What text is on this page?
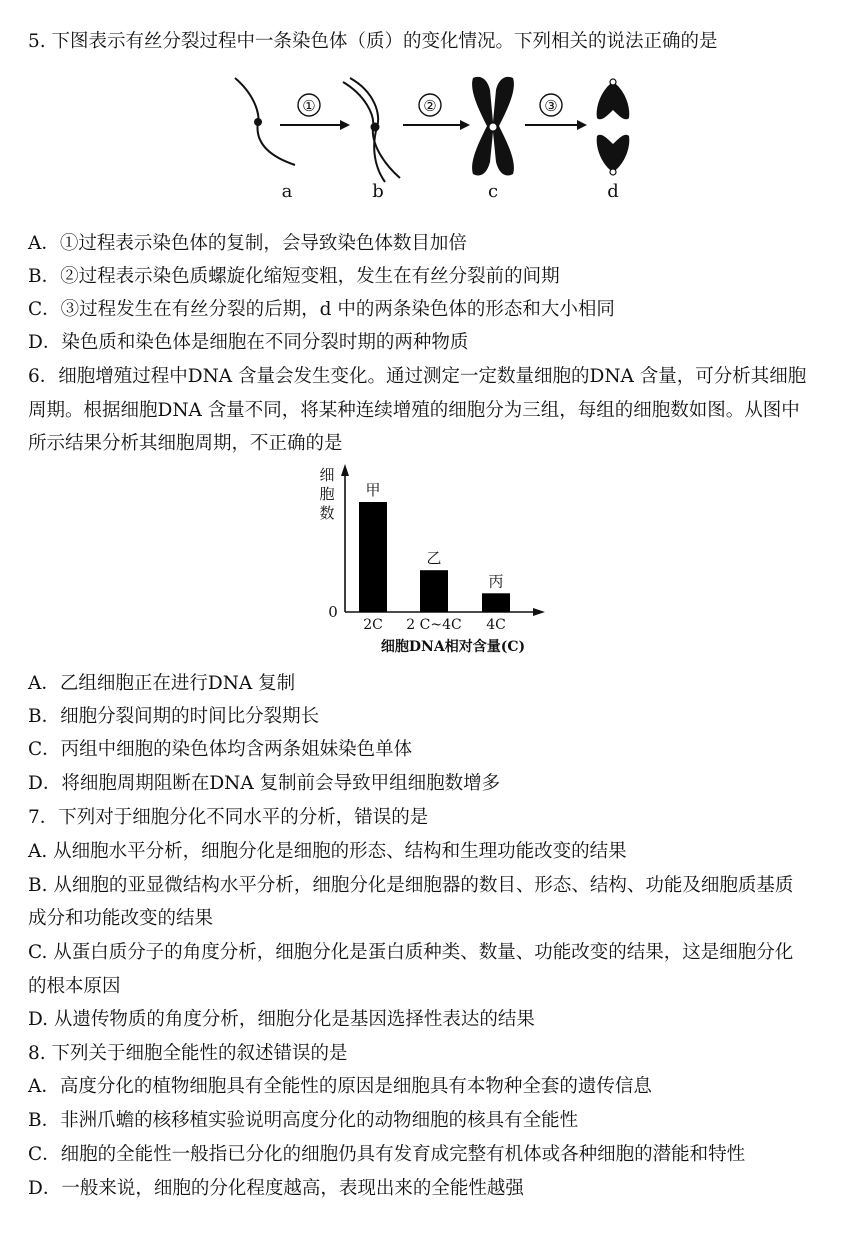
5. 下图表示有丝分裂过程中一条染色体（质）的变化情况。下列相关的说法正确的是
①	②	③
a	b	c	d
A．①过程表示染色体的复制，会导致染色体数目加倍
B．②过程表示染色质螺旋化缩短变粗，发生在有丝分裂前的间期
C．③过程发生在有丝分裂的后期，d 中的两条染色体的形态和大小相同
D．染色质和染色体是细胞在不同分裂时期的两种物质
6．细胞增殖过程中DNA 含量会发生变化。通过测定一定数量细胞的DNA 含量，可分析其细胞
周期。根据细胞DNA 含量不同，将某种连续增殖的细胞分为三组，每组的细胞数如图。从图中
所示结果分析其细胞周期，不正确的是
细
胞
数
0
甲
2C
乙
2 C~4C
丙
4C
细胞DNA相对含量(C)
A．乙组细胞正在进行DNA 复制
B．细胞分裂间期的时间比分裂期长
C．丙组中细胞的染色体均含两条姐妹染色单体
D．将细胞周期阻断在DNA 复制前会导致甲组细胞数增多
7．下列对于细胞分化不同水平的分析，错误的是
A. 从细胞水平分析，细胞分化是细胞的形态、结构和生理功能改变的结果
B. 从细胞的亚显微结构水平分析，细胞分化是细胞器的数目、形态、结构、功能及细胞质基质
成分和功能改变的结果
C. 从蛋白质分子的角度分析，细胞分化是蛋白质种类、数量、功能改变的结果，这是细胞分化
的根本原因
D. 从遗传物质的角度分析，细胞分化是基因选择性表达的结果
8. 下列关于细胞全能性的叙述错误的是
A．高度分化的植物细胞具有全能性的原因是细胞具有本物种全套的遗传信息
B．非洲爪蟾的核移植实验说明高度分化的动物细胞的核具有全能性
C．细胞的全能性一般指已分化的细胞仍具有发育成完整有机体或各种细胞的潜能和特性
D．一般来说，细胞的分化程度越高，表现出来的全能性越强
